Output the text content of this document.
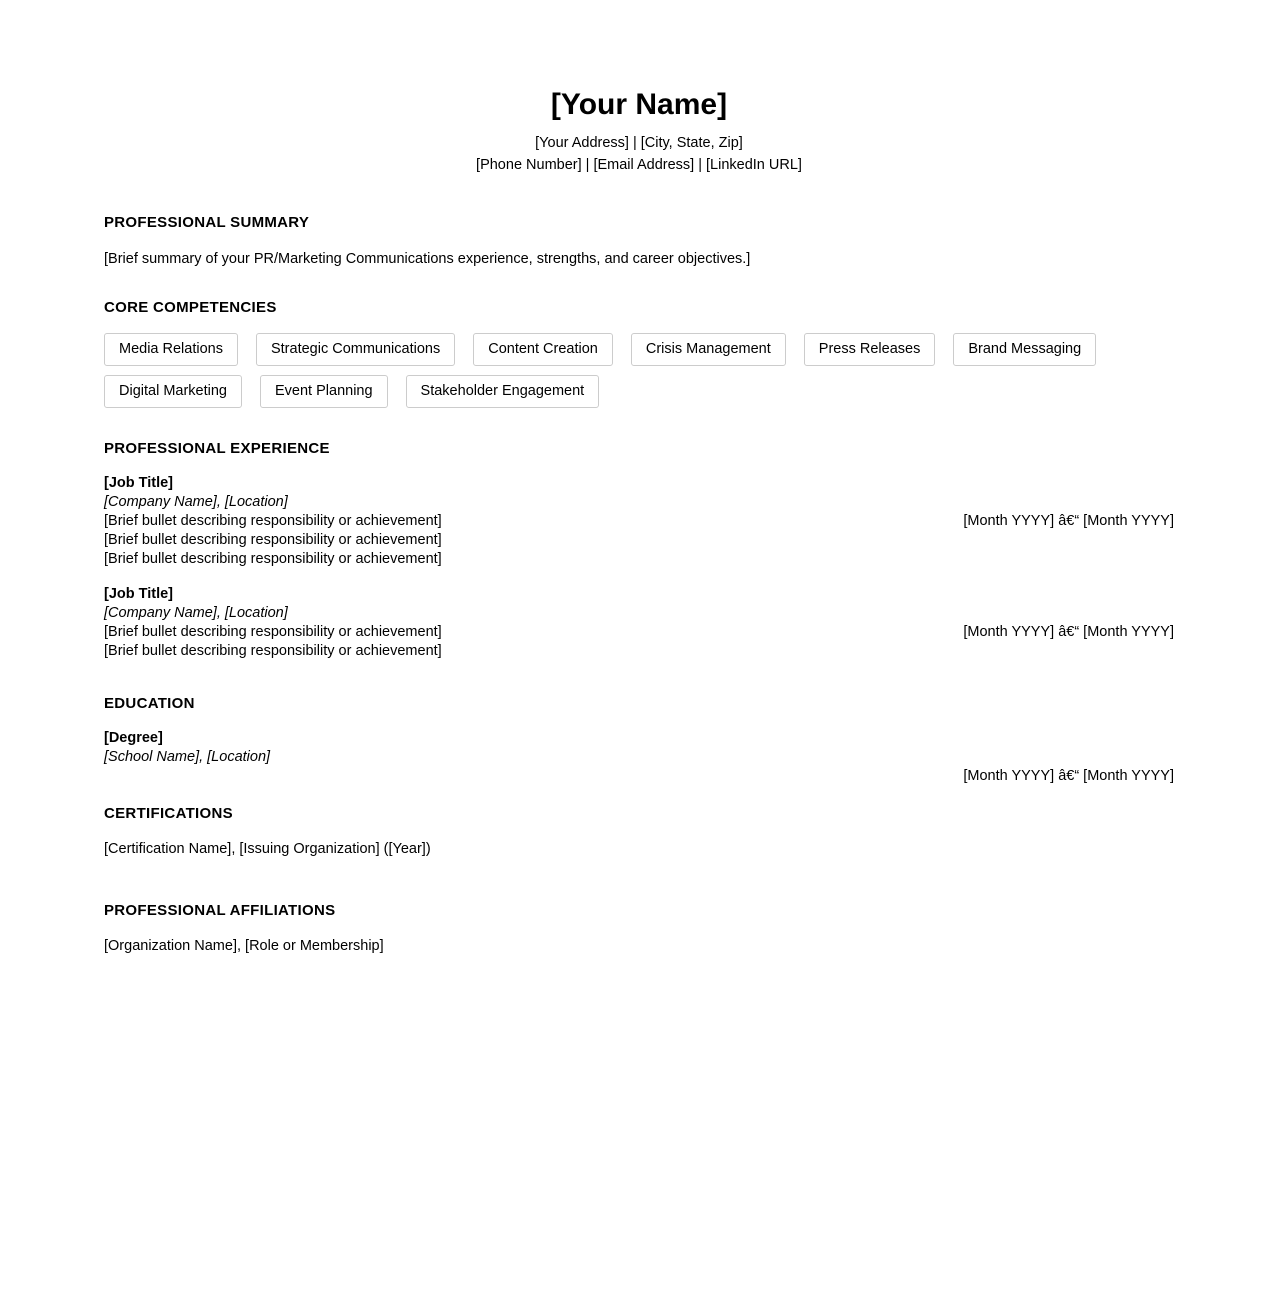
[Your Name]
[Your Address] | [City, State, Zip]
[Phone Number] | [Email Address] | [LinkedIn URL]
PROFESSIONAL SUMMARY
[Brief summary of your PR/Marketing Communications experience, strengths, and career objectives.]
CORE COMPETENCIES
Media Relations	Strategic Communications	Content Creation	Crisis Management	Press Releases	Brand Messaging
Digital Marketing	Event Planning	Stakeholder Engagement
PROFESSIONAL EXPERIENCE
[Job Title]
[Company Name], [Location]
[Brief bullet describing responsibility or achievement]
[Brief bullet describing responsibility or achievement]
[Brief bullet describing responsibility or achievement]
[Month YYYY] â€“ [Month YYYY]
[Job Title]
[Company Name], [Location]
[Brief bullet describing responsibility or achievement]
[Brief bullet describing responsibility or achievement]
[Month YYYY] â€“ [Month YYYY]
EDUCATION
[Degree]
[School Name], [Location]
[Month YYYY] â€“ [Month YYYY]
CERTIFICATIONS
[Certification Name], [Issuing Organization] ([Year])
PROFESSIONAL AFFILIATIONS
[Organization Name], [Role or Membership]
